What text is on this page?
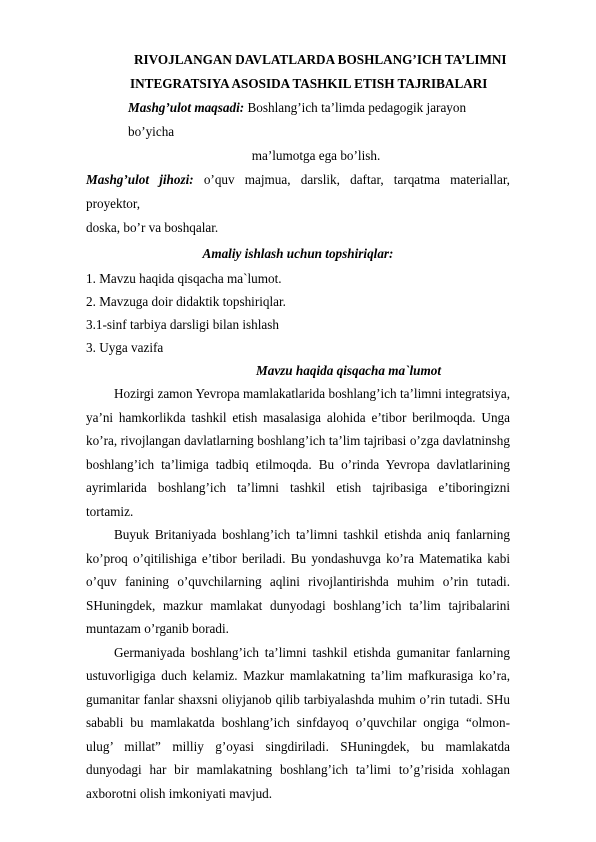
RIVOJLANGAN DAVLATLARDA BOSHLANG’ICH TA’LIMNI
INTEGRATSIYA ASOSIDA TASHKIL ETISH TAJRIBALARI
Mashg’ulot maqsadi: Boshlang’ich ta’limda pedagogik jarayon bo’yicha
ma’lumotga ega bo’lish.
Mashg’ulot jihozi: o’quv majmua, darslik, daftar, tarqatma materiallar, proyektor,
doska, bo’r va boshqalar.
Amaliy ishlash uchun topshiriqlar:
1. Mavzu haqida qisqacha ma`lumot.
2. Mavzuga doir didaktik topshiriqlar.
3.1-sinf tarbiya darsligi bilan ishlash
3. Uyga vazifa
Mavzu haqida qisqacha ma`lumot

Hozirgi zamon Yevropa mamlakatlarida boshlang’ich ta’limni integratsiya, ya’ni hamkorlikda tashkil etish masalasiga alohida e’tibor berilmoqda. Unga ko’ra, rivojlangan davlatlarning boshlang’ich ta’lim tajribasi o’zga davlatninshg boshlang’ich ta’limiga tadbiq etilmoqda. Bu o’rinda Yevropa davlatlarining ayrimlarida boshlang’ich ta’limni tashkil etish tajribasiga e’tiboringizni tortamiz.

Buyuk Britaniyada boshlang’ich ta’limni tashkil etishda aniq fanlarning ko’proq o’qitilishiga e’tibor beriladi. Bu yondashuvga ko’ra Matematika kabi o’quv fanining o’quvchilarning aqlini rivojlantirishda muhim o’rin tutadi. SHuningdek, mazkur mamlakat dunyodagi boshlang’ich ta’lim tajribalarini muntazam o’rganib boradi.

Germaniyada boshlang’ich ta’limni tashkil etishda gumanitar fanlarning ustuvorligiga duch kelamiz. Mazkur mamlakatning ta’lim mafkurasiga ko’ra, gumanitar fanlar shaxsni oliyjanob qilib tarbiyalashda muhim o’rin tutadi. SHu sababli bu mamlakatda boshlang’ich sinfdayoq o’quvchilar ongiga “olmon- ulug’ millat” milliy g’oyasi singdiriladi. SHuningdek, bu mamlakatda dunyodagi har bir mamlakatning boshlang’ich ta’limi to’g’risida xohlagan axborotni olish imkoniyati mavjud.
